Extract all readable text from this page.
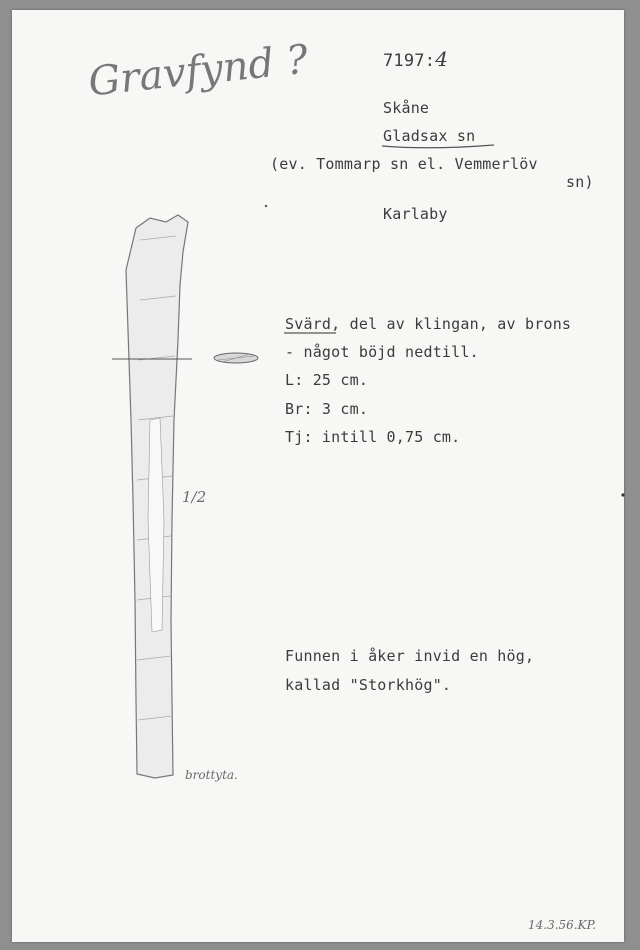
Gravfynd ?	7197:4
Skåne
Gladsax sn
(ev. Tommarp sn el. Vemmerlöv
sn)
Karlaby
Svärd, del av klingan, av brons
- något böjd nedtill.
L: 25 cm.
Br: 3 cm.
Tj: intill 0,75 cm.
Funnen i åker invid en hög,
kallad "Storkhög".
1/2
brottyta.
14.3.56.KP.
